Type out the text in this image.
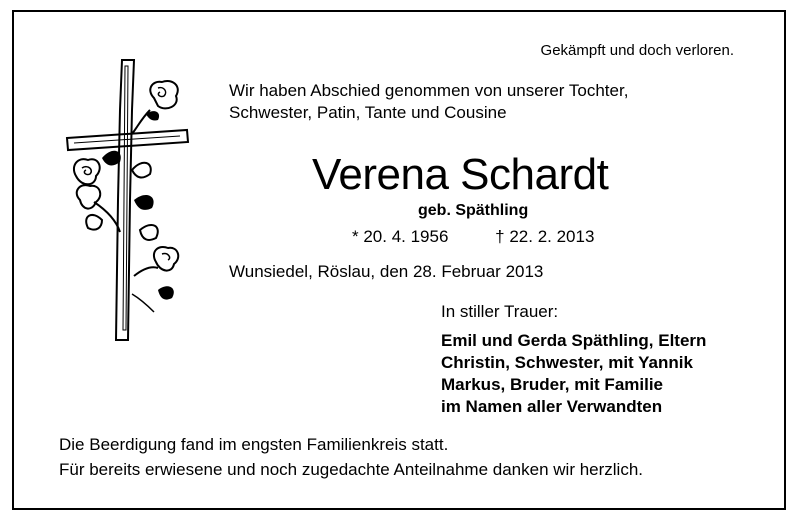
Gekämpft und doch verloren.
Wir haben Abschied genommen von unserer Tochter,
Schwester, Patin, Tante und Cousine
Verena Schardt
geb. Späthling
* 20. 4. 1956	† 22. 2. 2013
Wunsiedel, Röslau, den 28. Februar 2013
In stiller Trauer:
Emil und Gerda Späthling, Eltern
Christin, Schwester, mit Yannik
Markus, Bruder, mit Familie
im Namen aller Verwandten
Die Beerdigung fand im engsten Familienkreis statt.
Für bereits erwiesene und noch zugedachte Anteilnahme danken wir herzlich.
